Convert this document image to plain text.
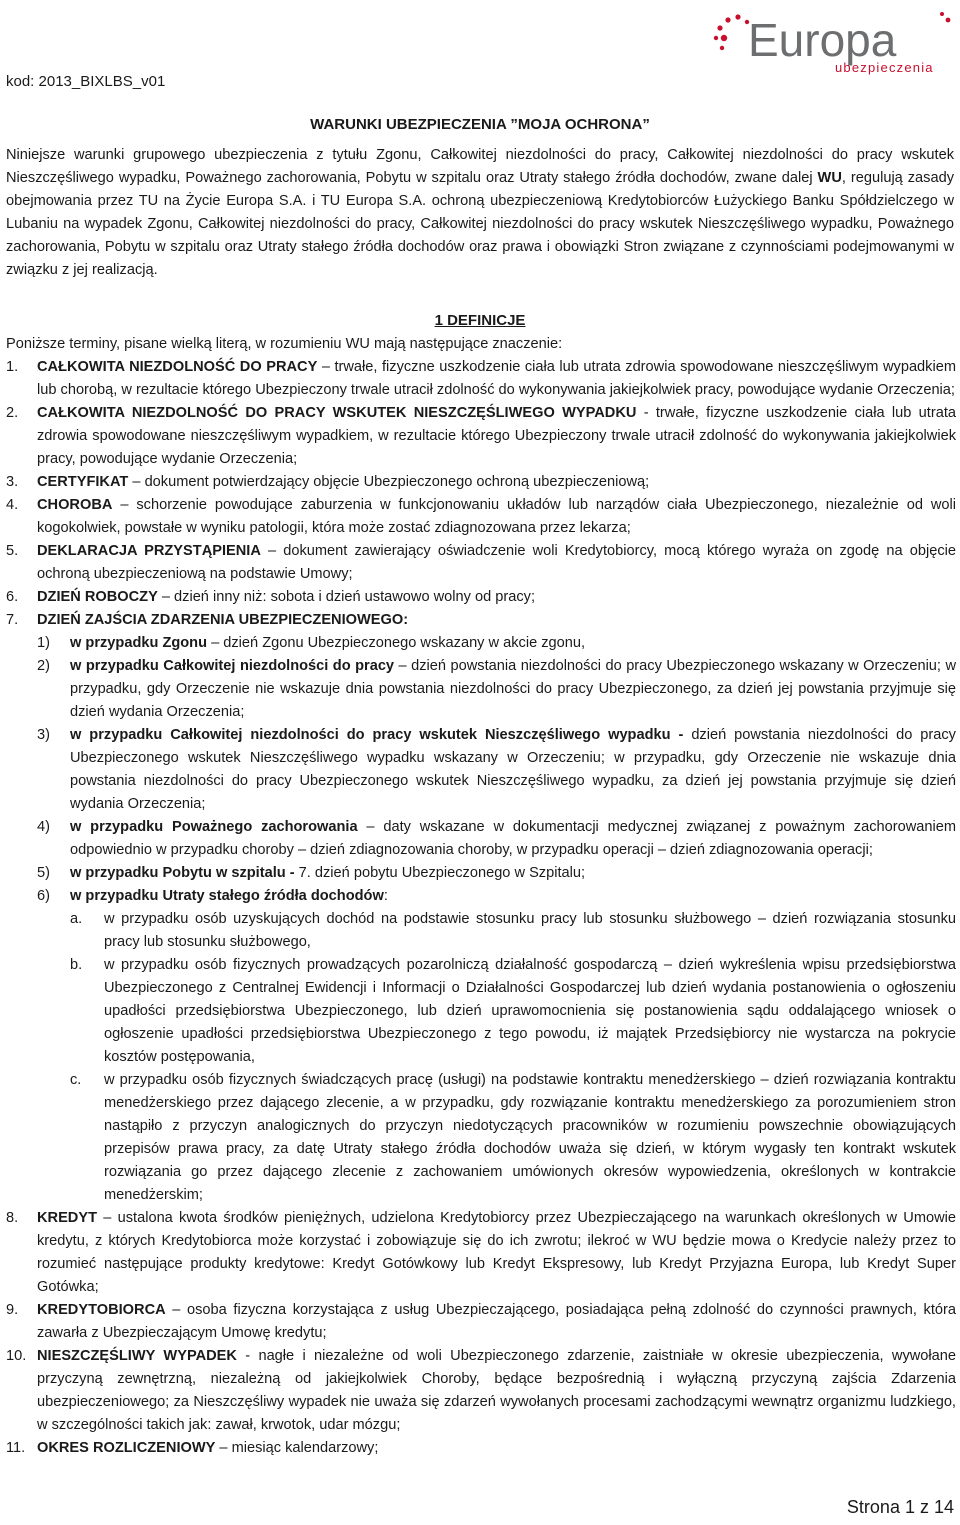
kod: 2013_BIXLBS_v01
Europa
ubezpieczenia
WARUNKI UBEZPIECZENIA ”MOJA OCHRONA”

Niniejsze warunki grupowego ubezpieczenia z tytułu Zgonu, Całkowitej niezdolności do pracy, Całkowitej niezdolności do pracy wskutek Nieszczęśliwego wypadku, Poważnego zachorowania, Pobytu w szpitalu oraz Utraty stałego źródła dochodów, zwane dalej WU, regulują zasady obejmowania przez TU na Życie Europa S.A. i TU Europa S.A. ochroną ubezpieczeniową Kredytobiorców Łużyckiego Banku Spółdzielczego w Lubaniu na wypadek Zgonu, Całkowitej niezdolności do pracy, Całkowitej niezdolności do pracy wskutek Nieszczęśliwego wypadku, Poważnego zachorowania, Pobytu w szpitalu oraz Utraty stałego źródła dochodów oraz prawa i obowiązki Stron związane z czynnościami podejmowanymi w związku z jej realizacją.

1 DEFINICJE
Poniższe terminy, pisane wielką literą, w rozumieniu WU mają następujące znaczenie:
1. CAŁKOWITA NIEZDOLNOŚĆ DO PRACY – trwałe, fizyczne uszkodzenie ciała lub utrata zdrowia spowodowane nieszczęśliwym wypadkiem lub chorobą, w rezultacie którego Ubezpieczony trwale utracił zdolność do wykonywania jakiejkolwiek pracy, powodujące wydanie Orzeczenia;
2. CAŁKOWITA NIEZDOLNOŚĆ DO PRACY WSKUTEK NIESZCZĘŚLIWEGO WYPADKU - trwałe, fizyczne uszkodzenie ciała lub utrata zdrowia spowodowane nieszczęśliwym wypadkiem, w rezultacie którego Ubezpieczony trwale utracił zdolność do wykonywania jakiejkolwiek pracy, powodujące wydanie Orzeczenia;
3. CERTYFIKAT – dokument potwierdzający objęcie Ubezpieczonego ochroną ubezpieczeniową;
4. CHOROBA – schorzenie powodujące zaburzenia w funkcjonowaniu układów lub narządów ciała Ubezpieczonego, niezależnie od woli kogokolwiek, powstałe w wyniku patologii, która może zostać zdiagnozowana przez lekarza;
5. DEKLARACJA PRZYSTĄPIENIA – dokument zawierający oświadczenie woli Kredytobiorcy, mocą którego wyraża on zgodę na objęcie ochroną ubezpieczeniową na podstawie Umowy;
6. DZIEŃ ROBOCZY – dzień inny niż: sobota i dzień ustawowo wolny od pracy;
7. DZIEŃ ZAJŚCIA ZDARZENIA UBEZPIECZENIOWEGO:
1) w przypadku Zgonu – dzień Zgonu Ubezpieczonego wskazany w akcie zgonu,
2) w przypadku Całkowitej niezdolności do pracy – dzień powstania niezdolności do pracy Ubezpieczonego wskazany w Orzeczeniu; w przypadku, gdy Orzeczenie nie wskazuje dnia powstania niezdolności do pracy Ubezpieczonego, za dzień jej powstania przyjmuje się dzień wydania Orzeczenia;
3) w przypadku Całkowitej niezdolności do pracy wskutek Nieszczęśliwego wypadku - dzień powstania niezdolności do pracy Ubezpieczonego wskutek Nieszczęśliwego wypadku wskazany w Orzeczeniu; w przypadku, gdy Orzeczenie nie wskazuje dnia powstania niezdolności do pracy Ubezpieczonego wskutek Nieszczęśliwego wypadku, za dzień jej powstania przyjmuje się dzień wydania Orzeczenia;
4) w przypadku Poważnego zachorowania – daty wskazane w dokumentacji medycznej związanej z poważnym zachorowaniem odpowiednio w przypadku choroby – dzień zdiagnozowania choroby, w przypadku operacji – dzień zdiagnozowania operacji;
5) w przypadku Pobytu w szpitalu - 7. dzień pobytu Ubezpieczonego w Szpitalu;
6) w przypadku Utraty stałego źródła dochodów:
a. w przypadku osób uzyskujących dochód na podstawie stosunku pracy lub stosunku służbowego – dzień rozwiązania stosunku pracy lub stosunku służbowego,
b. w przypadku osób fizycznych prowadzących pozarolniczą działalność gospodarczą – dzień wykreślenia wpisu przedsiębiorstwa Ubezpieczonego z Centralnej Ewidencji i Informacji o Działalności Gospodarczej lub dzień wydania postanowienia o ogłoszeniu upadłości przedsiębiorstwa Ubezpieczonego, lub dzień uprawomocnienia się postanowienia sądu oddalającego wniosek o ogłoszenie upadłości przedsiębiorstwa Ubezpieczonego z tego powodu, iż majątek Przedsiębiorcy nie wystarcza na pokrycie kosztów postępowania,
c. w przypadku osób fizycznych świadczących pracę (usługi) na podstawie kontraktu menedżerskiego – dzień rozwiązania kontraktu menedżerskiego przez dającego zlecenie, a w przypadku, gdy rozwiązanie kontraktu menedżerskiego za porozumieniem stron nastąpiło z przyczyn analogicznych do przyczyn niedotyczących pracowników w rozumieniu powszechnie obowiązujących przepisów prawa pracy, za datę Utraty stałego źródła dochodów uważa się dzień, w którym wygasły ten kontrakt wskutek rozwiązania go przez dającego zlecenie z zachowaniem umówionych okresów wypowiedzenia, określonych w kontrakcie menedżerskim;
8. KREDYT – ustalona kwota środków pieniężnych, udzielona Kredytobiorcy przez Ubezpieczającego na warunkach określonych w Umowie kredytu, z których Kredytobiorca może korzystać i zobowiązuje się do ich zwrotu; ilekroć w WU będzie mowa o Kredycie należy przez to rozumieć następujące produkty kredytowe: Kredyt Gotówkowy lub Kredyt Ekspresowy, lub Kredyt Przyjazna Europa, lub Kredyt Super Gotówka;
9. KREDYTOBIORCA – osoba fizyczna korzystająca z usług Ubezpieczającego, posiadająca pełną zdolność do czynności prawnych, która zawarła z Ubezpieczającym Umowę kredytu;
10. NIESZCZĘŚLIWY WYPADEK - nagłe i niezależne od woli Ubezpieczonego zdarzenie, zaistniałe w okresie ubezpieczenia, wywołane przyczyną zewnętrzną, niezależną od jakiejkolwiek Choroby, będące bezpośrednią i wyłączną przyczyną zajścia Zdarzenia ubezpieczeniowego; za Nieszczęśliwy wypadek nie uważa się zdarzeń wywołanych procesami zachodzącymi wewnątrz organizmu ludzkiego, w szczególności takich jak: zawał, krwotok, udar mózgu;
11. OKRES ROZLICZENIOWY – miesiąc kalendarzowy;
Strona 1 z 14
